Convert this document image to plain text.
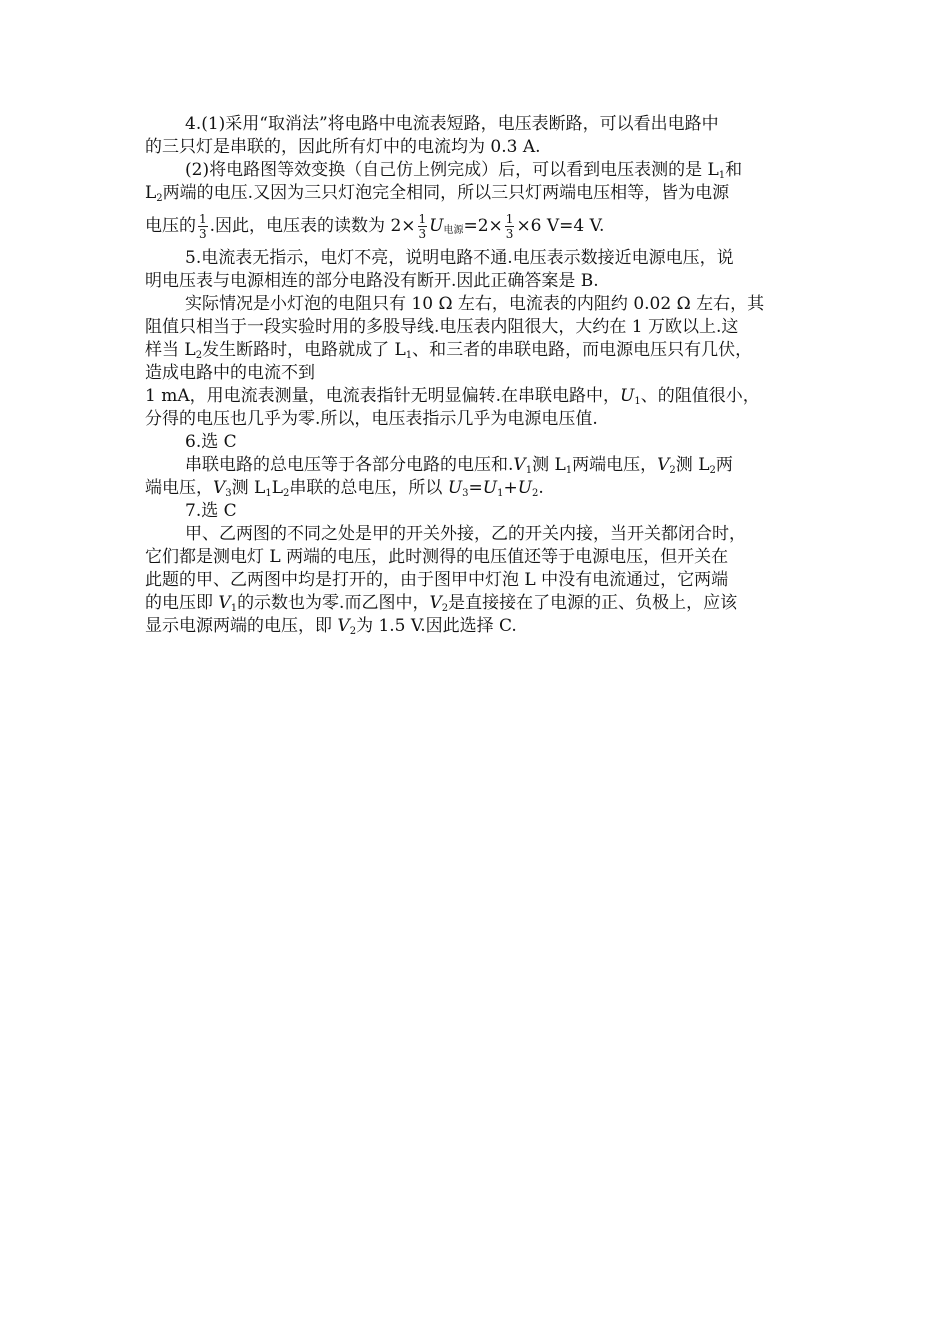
4.(1)采用“取消法”将电路中电流表短路，电压表断路，可以看出电路中
的三只灯是串联的，因此所有灯中的电流均为 0.3 A.
(2)将电路图等效变换（自己仿上例完成）后，可以看到电压表测的是 $L_1$和
$L_2$两端的电压.又因为三只灯泡完全相同，所以三只灯两端电压相等，皆为电源
电压的 $\frac{1}{3}$ .因此，电压表的读数为 $2\times \frac{1}{3}$ U电源$=2\times \frac{1}{3} \times 6$ V=4 V.
5.电流表无指示，电灯不亮，说明电路不通.电压表示数接近电源电压，说
明电压表与电源相连的部分电路没有断开.因此正确答案是 B.
实际情况是小灯泡的电阻只有 10 Ω 左右，电流表的内阻约 0.02 Ω 左右，其
阻值只相当于一段实验时用的多股导线.电压表内阻很大，大约在 1 万欧以上.这
样当 $L_2$发生断路时，电路就成了 $L_1$、和三者的串联电路，而电源电压只有几伏，
造成电路中的电流不到
1 mA，用电流表测量，电流表指针无明显偏转.在串联电路中，$U_1$、的阻值很小，
分得的电压也几乎为零.所以，电压表指示几乎为电源电压值.
6.选 C
串联电路的总电压等于各部分电路的电压和$.V_1$测 $L_1$两端电压，$V_2$测 $L_2$两
端电压，$V_3$测 $L_1L_2$串联的总电压，所以 $U_3=U_1+U_2$.
7.选 C
甲、乙两图的不同之处是甲的开关外接，乙的开关内接，当开关都闭合时，
它们都是测电灯 L 两端的电压，此时测得的电压值还等于电源电压，但开关在
此题的甲、乙两图中均是打开的，由于图甲中灯泡 L 中没有电流通过，它两端
的电压即 $V_1$的示数也为零.而乙图中，$V_2$是直接接在了电源的正、负极上，应该
显示电源两端的电压，即 $V_2$为 1.5 V.因此选择 C.
